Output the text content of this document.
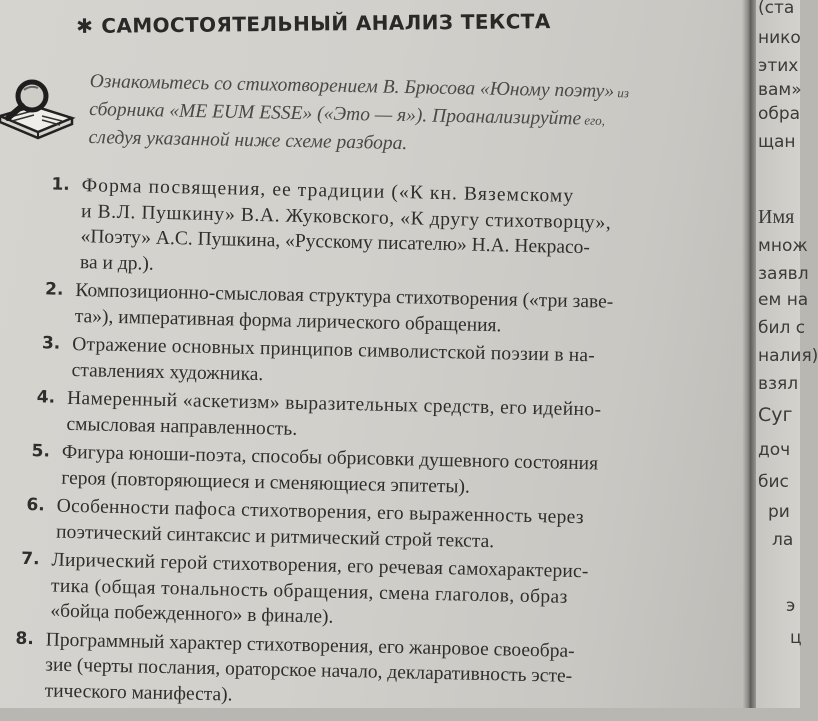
✱ САМОСТОЯТЕЛЬНЫЙ АНАЛИЗ ТЕКСТА
Ознакомьтесь со стихотворением В. Брюсова «Юному поэту» из
сборника «ME EUM ESSE» («Это — я»). Проанализируйте его,
следуя указанной ниже схеме разбора.
1. Форма посвящения, ее традиции («К кн. Вяземскому
и В.Л. Пушкину» В.А. Жуковского, «К другу стихотворцу»,
«Поэту» А.С. Пушкина, «Русскому писателю» Н.А. Некрасо-
ва и др.).
2. Композиционно-смысловая структура стихотворения («три заве-
та»), императивная форма лирического обращения.
3. Отражение основных принципов символистской поэзии в на-
ставлениях художника.
4. Намеренный «аскетизм» выразительных средств, его идейно-
смысловая направленность.
5. Фигура юноши-поэта, способы обрисовки душевного состояния
героя (повторяющиеся и сменяющиеся эпитеты).
6. Особенности пафоса стихотворения, его выраженность через
поэтический синтаксис и ритмический строй текста.
7. Лирический герой стихотворения, его речевая самохарактерис-
тика (общая тональность обращения, смена глаголов, образ
«бойца побежденного» в финале).
8. Программный характер стихотворения, его жанровое своеобра-
зие (черты послания, ораторское начало, декларативность эсте-
тического манифеста).
(ста
нико
этих
вам»
обра
щан
Имя
множ
заявл
ем на
бил с
налия)
взял
Суг
доч
бис
ри
ла
э
ц
